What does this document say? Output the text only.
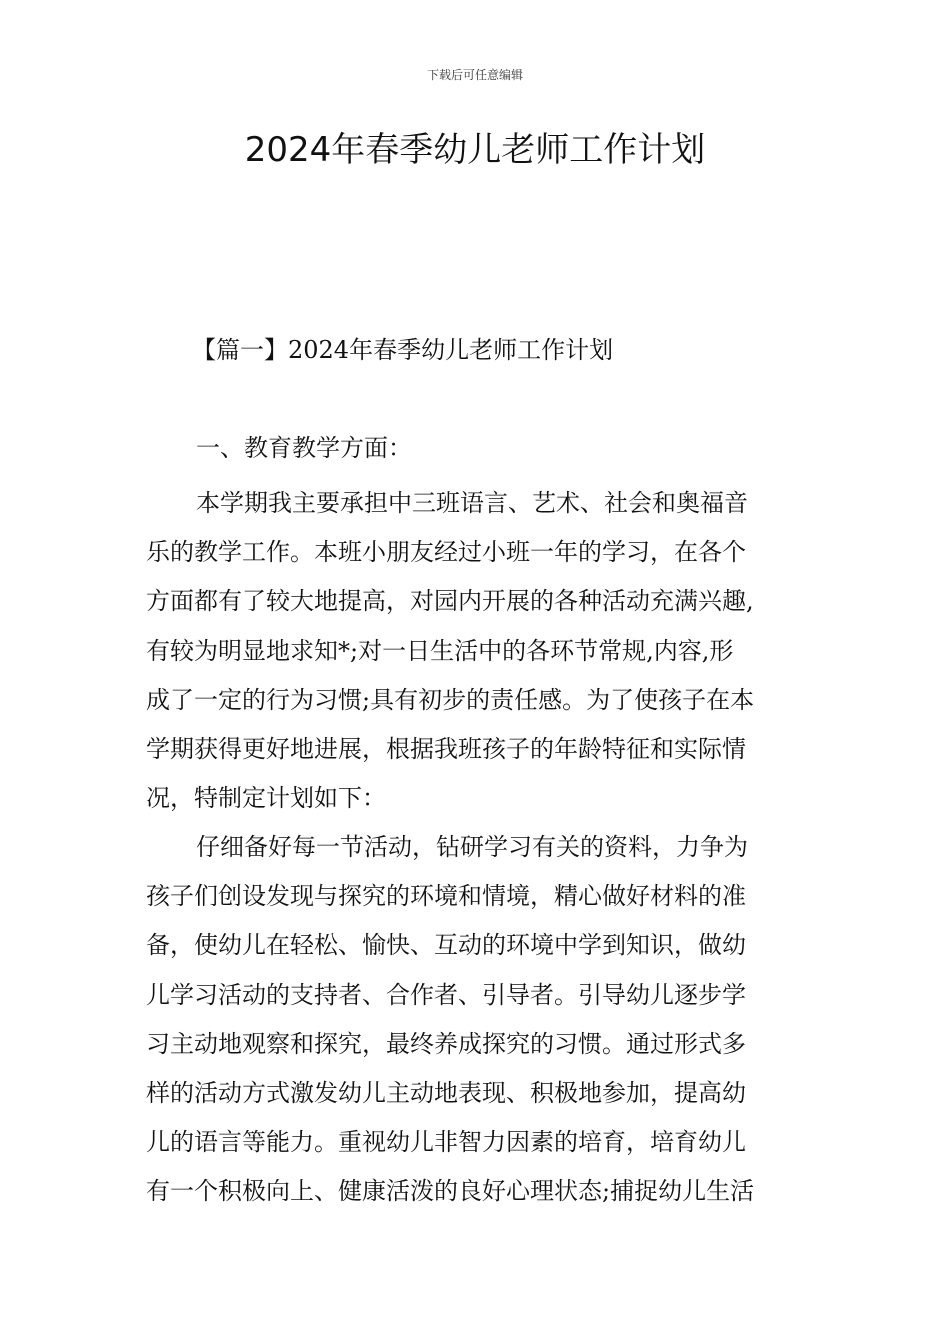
下载后可任意编辑
2024年春季幼儿老师工作计划
【篇一】2024年春季幼儿老师工作计划
一、教育教学方面：
本学期我主要承担中三班语言、艺术、社会和奥福音
乐的教学工作。本班小朋友经过小班一年的学习，在各个
方面都有了较大地提高，对园内开展的各种活动充满兴趣,
有较为明显地求知*;对一日生活中的各环节常规,内容,形
成了一定的行为习惯;具有初步的责任感。为了使孩子在本
学期获得更好地进展，根据我班孩子的年龄特征和实际情
况，特制定计划如下：
仔细备好每一节活动，钻研学习有关的资料，力争为
孩子们创设发现与探究的环境和情境，精心做好材料的准
备，使幼儿在轻松、愉快、互动的环境中学到知识，做幼
儿学习活动的支持者、合作者、引导者。引导幼儿逐步学
习主动地观察和探究，最终养成探究的习惯。通过形式多
样的活动方式激发幼儿主动地表现、积极地参加，提高幼
儿的语言等能力。重视幼儿非智力因素的培育，培育幼儿
有一个积极向上、健康活泼的良好心理状态;捕捉幼儿生活
